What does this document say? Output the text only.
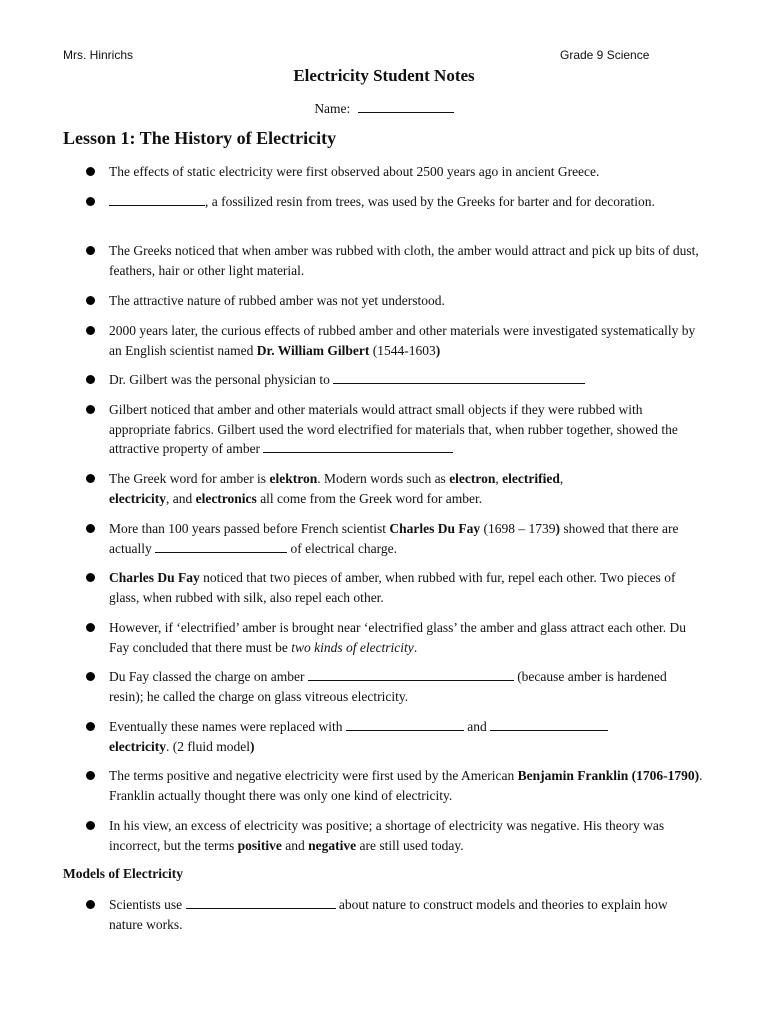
Mrs. Hinrichs	Grade 9 Science
Electricity Student Notes
Name:
Lesson 1: The History of Electricity
The effects of static electricity were first observed about 2500 years ago in ancient Greece.
, a fossilized resin from trees, was used by the Greeks for barter and for decoration.
The Greeks noticed that when amber was rubbed with cloth, the amber would attract and pick up bits of dust, feathers, hair or other light material.
The attractive nature of rubbed amber was not yet understood.
2000 years later, the curious effects of rubbed amber and other materials were investigated systematically by an English scientist named Dr. William Gilbert (1544-1603)
Dr. Gilbert was the personal physician to
Gilbert noticed that amber and other materials would attract small objects if they were rubbed with appropriate fabrics. Gilbert used the word electrified for materials that, when rubber together, showed the attractive property of amber
The Greek word for amber is elektron. Modern words such as electron, electrified,
electricity, and electronics all come from the Greek word for amber.
More than 100 years passed before French scientist Charles Du Fay (1698 – 1739) showed that there are actually	of electrical charge.
Charles Du Fay noticed that two pieces of amber, when rubbed with fur, repel each other. Two pieces of glass, when rubbed with silk, also repel each other.
However, if ‘electrified’ amber is brought near ‘electrified glass’ the amber and glass attract each other. Du Fay concluded that there must be two kinds of electricity.
Du Fay classed the charge on amber	(because amber is hardened resin); he called the charge on glass vitreous electricity.
Eventually these names were replaced with	and
electricity. (2 fluid model)
The terms positive and negative electricity were first used by the American Benjamin Franklin (1706-1790). Franklin actually thought there was only one kind of electricity.
In his view, an excess of electricity was positive; a shortage of electricity was negative. His theory was incorrect, but the terms positive and negative are still used today.
Scientists use	about nature to construct models and theories to explain how nature works.
Models of Electricity
